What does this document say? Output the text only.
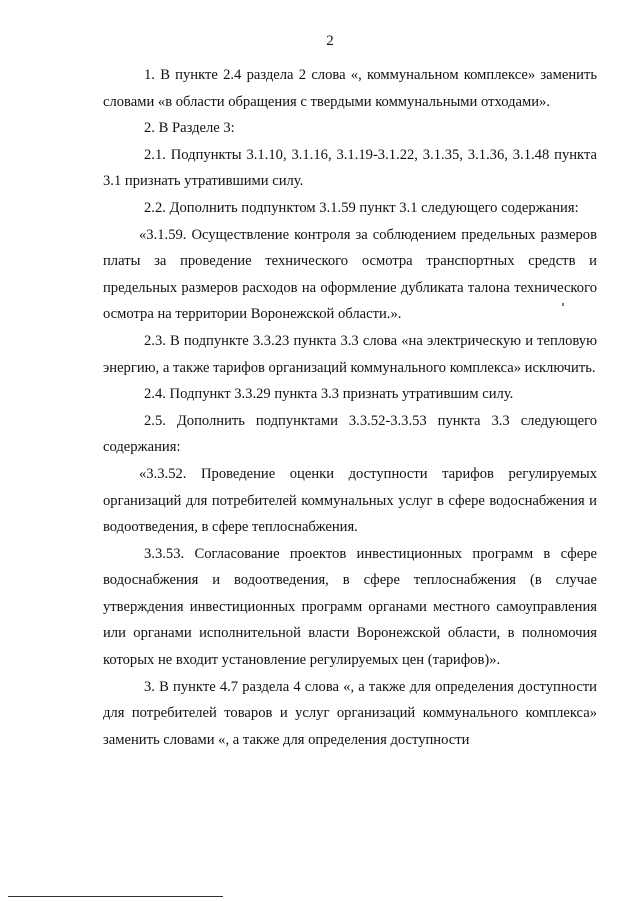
2

1. В пункте 2.4 раздела 2 слова «, коммунальном комплексе» заменить словами «в области обращения с твердыми коммунальными отходами».

2. В Разделе 3:

2.1. Подпункты 3.1.10, 3.1.16, 3.1.19-3.1.22, 3.1.35, 3.1.36, 3.1.48 пункта 3.1 признать утратившими силу.

2.2. Дополнить подпунктом 3.1.59 пункт 3.1 следующего содержания:

«3.1.59. Осуществление контроля за соблюдением предельных размеров платы за проведение технического осмотра транспортных средств и предельных размеров расходов на оформление дубликата талона технического осмотра на территории Воронежской области.».

2.3. В подпункте 3.3.23 пункта 3.3 слова «на электрическую и тепловую энергию, а также тарифов организаций коммунального комплекса» исключить.

2.4. Подпункт 3.3.29 пункта 3.3 признать утратившим силу.

2.5. Дополнить подпунктами 3.3.52-3.3.53 пункта 3.3 следующего содержания:

«3.3.52. Проведение оценки доступности тарифов регулируемых организаций для потребителей коммунальных услуг в сфере водоснабжения и водоотведения, в сфере теплоснабжения.

3.3.53. Согласование проектов инвестиционных программ в сфере водоснабжения и водоотведения, в сфере теплоснабжения (в случае утверждения инвестиционных программ органами местного самоуправления или органами исполнительной власти Воронежской области, в полномочия которых не входит установление регулируемых цен (тарифов)».

3. В пункте 4.7 раздела 4 слова «, а также для определения доступности для потребителей товаров и услуг организаций коммунального комплекса» заменить словами «, а также для определения доступности
